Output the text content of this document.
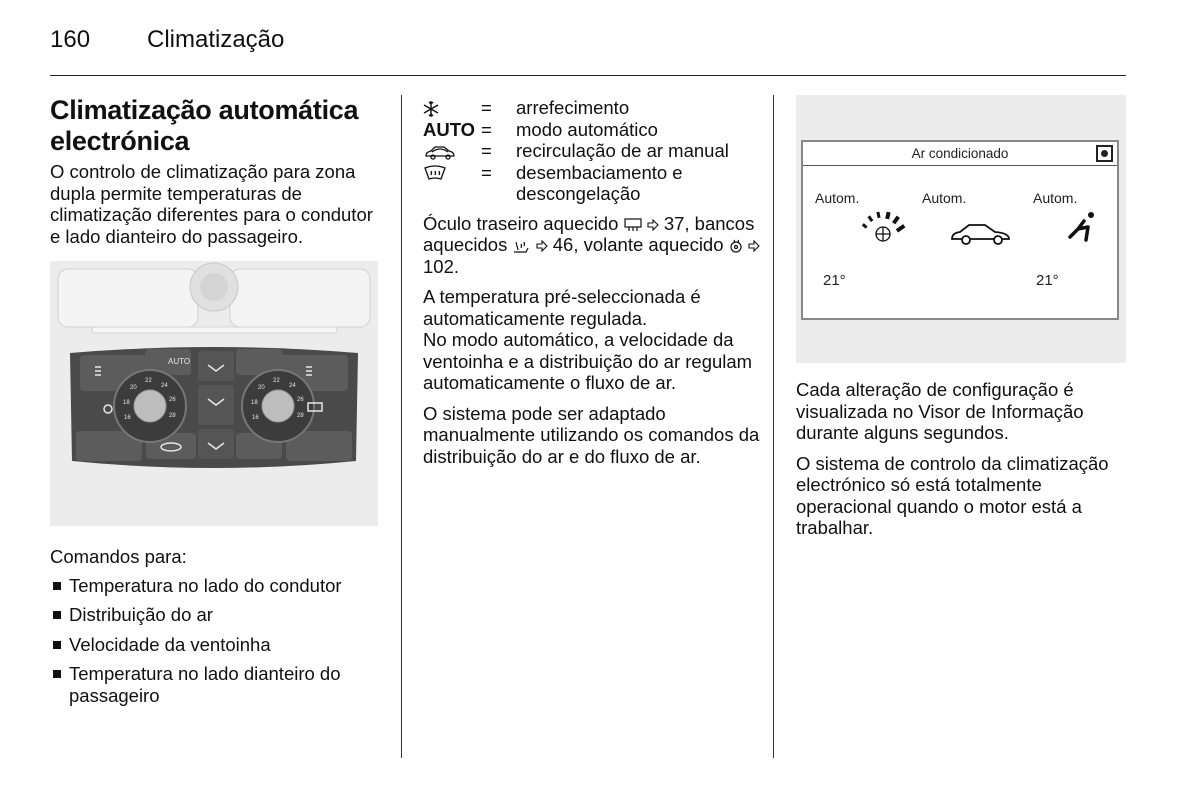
160 Climatização
Climatização automática electrónica

O controlo de climatização para zona dupla permite temperaturas de climatização diferentes para o condutor e lado dianteiro do passageiro.

AUTO
16
18
20
22
24
26
28	16
18
20
22
24
26
28

Comandos para:

Temperatura no lado do condutor
Distribuição do ar
Velocidade da ventoinha
Temperatura no lado dianteiro do passageiro
	=	arrefecimento
AUTO	=	modo automático
	=	recirculação de ar manual
	=	desembaciamento e descongelação

Óculo traseiro aquecido 37, bancos aquecidos 46, volante aquecido   102.

A temperatura pré-seleccionada é automaticamente regulada.

No modo automático, a velocidade da ventoinha e a distribuição do ar regulam automaticamente o fluxo de ar.

O sistema pode ser adaptado manualmente utilizando os comandos da distribuição do ar e do fluxo de ar.

Ar condicionado
Autom.	Autom.	Autom.
21°	21°

Cada alteração de configuração é visualizada no Visor de Informação durante alguns segundos.

O sistema de controlo da climatização electrónico só está totalmente operacional quando o motor está a trabalhar.
